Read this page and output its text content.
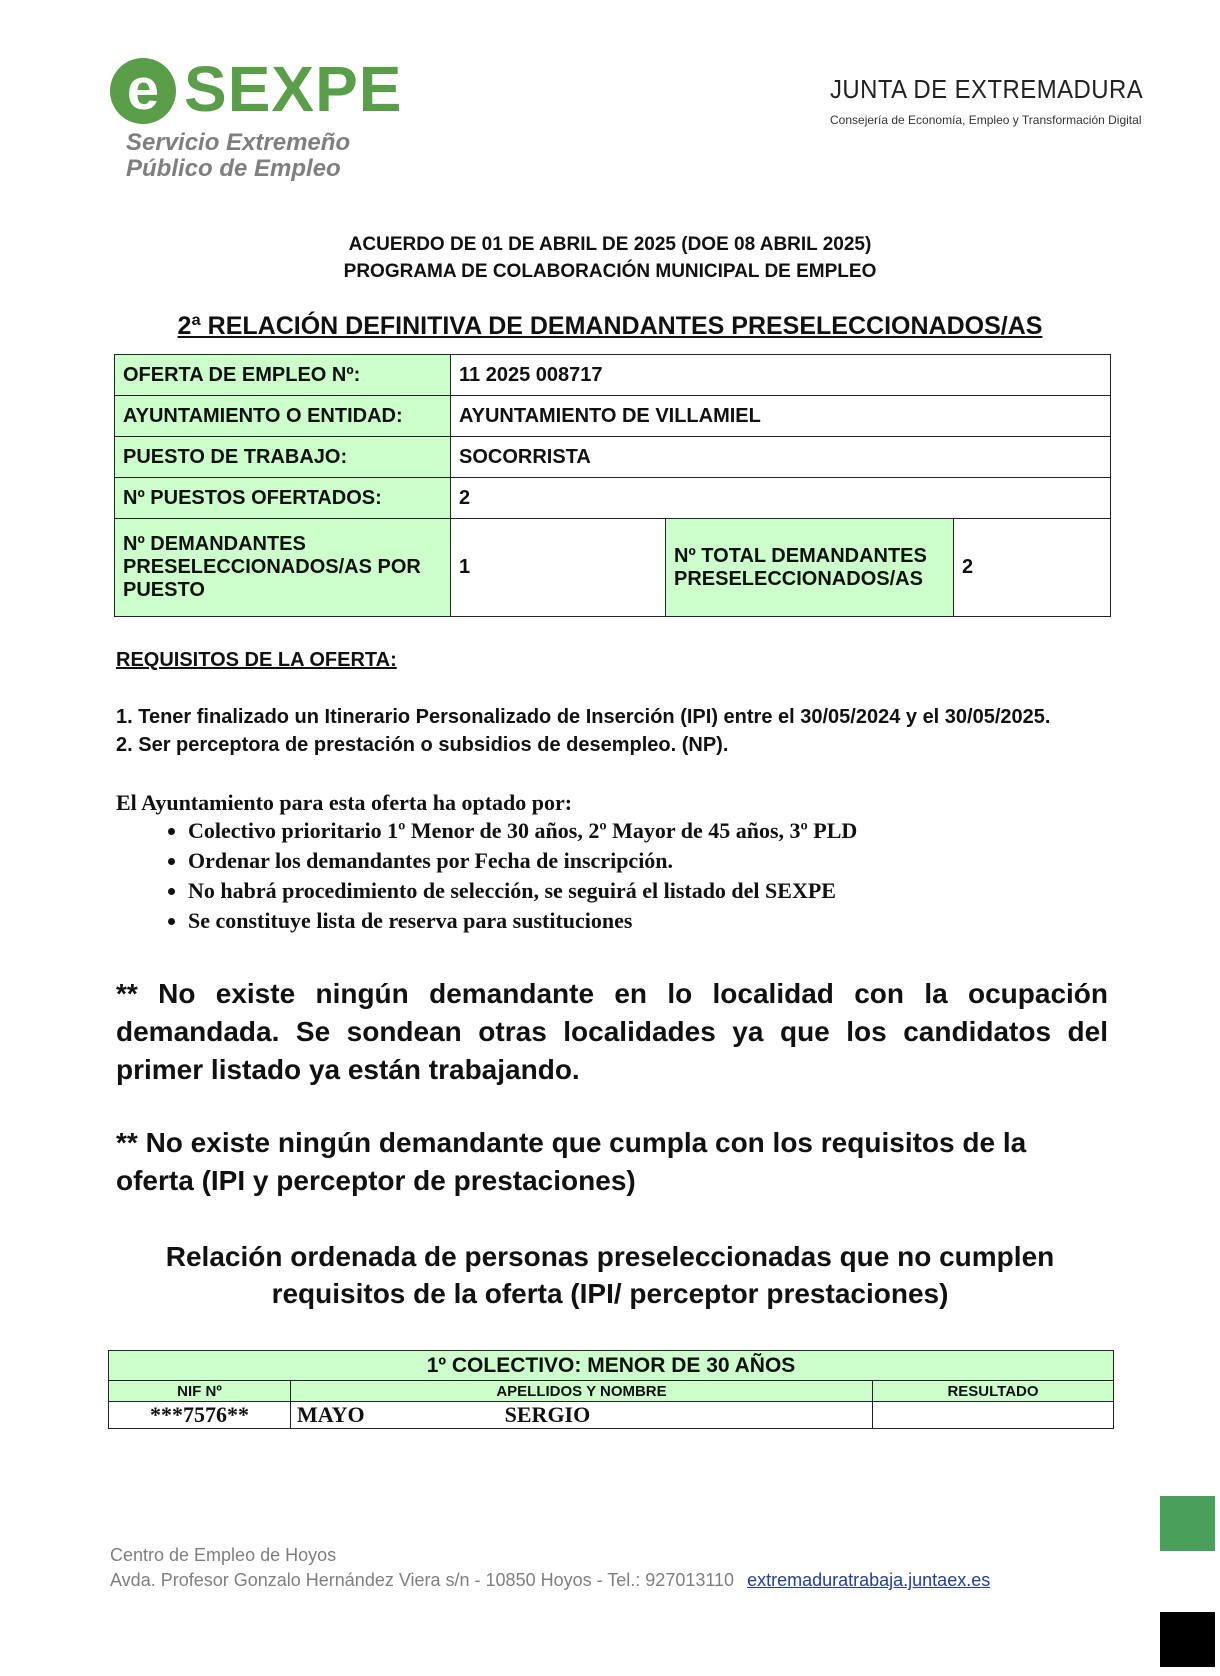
e SEXPE
Servicio Extremeño
Público de Empleo
JUNTA DE EXTREMADURA
Consejería de Economía, Empleo y Transformación Digital
ACUERDO DE 01 DE ABRIL DE 2025 (DOE 08 ABRIL 2025)
PROGRAMA DE COLABORACIÓN MUNICIPAL DE EMPLEO
2ª RELACIÓN DEFINITIVA DE DEMANDANTES PRESELECCIONADOS/AS
OFERTA DE EMPLEO Nº:	11 2025 008717		
AYUNTAMIENTO O ENTIDAD:	AYUNTAMIENTO DE VILLAMIEL		
PUESTO DE TRABAJO:	SOCORRISTA		
Nº PUESTOS OFERTADOS:	2		
Nº DEMANDANTES PRESELECCIONADOS/AS POR PUESTO	1	Nº TOTAL DEMANDANTES PRESELECCIONADOS/AS	2
REQUISITOS DE LA OFERTA:
1. Tener finalizado un Itinerario Personalizado de Inserción (IPI) entre el 30/05/2024 y el 30/05/2025.
2. Ser perceptora de prestación o subsidios de desempleo. (NP).
El Ayuntamiento para esta oferta ha optado por:
• Colectivo prioritario 1º Menor de 30 años, 2º Mayor de 45 años, 3º PLD
• Ordenar los demandantes por Fecha de inscripción.
• No habrá procedimiento de selección, se seguirá el listado del SEXPE
• Se constituye lista de reserva para sustituciones
** No existe ningún demandante en lo localidad con la ocupación demandada. Se sondean otras localidades ya que los candidatos del primer listado ya están trabajando.
** No existe ningún demandante que cumpla con los requisitos de la oferta (IPI y perceptor de prestaciones)
Relación ordenada de personas preseleccionadas que no cumplen
requisitos de la oferta (IPI/ perceptor prestaciones)
1º COLECTIVO: MENOR DE 30 AÑOS		
NIF Nº	APELLIDOS Y NOMBRE	RESULTADO
***7576**	MAYO SERGIO	
Centro de Empleo de Hoyos
Avda. Profesor Gonzalo Hernández Viera s/n - 10850 Hoyos - Tel.: 927013110 extremaduratrabaja.juntaex.es
